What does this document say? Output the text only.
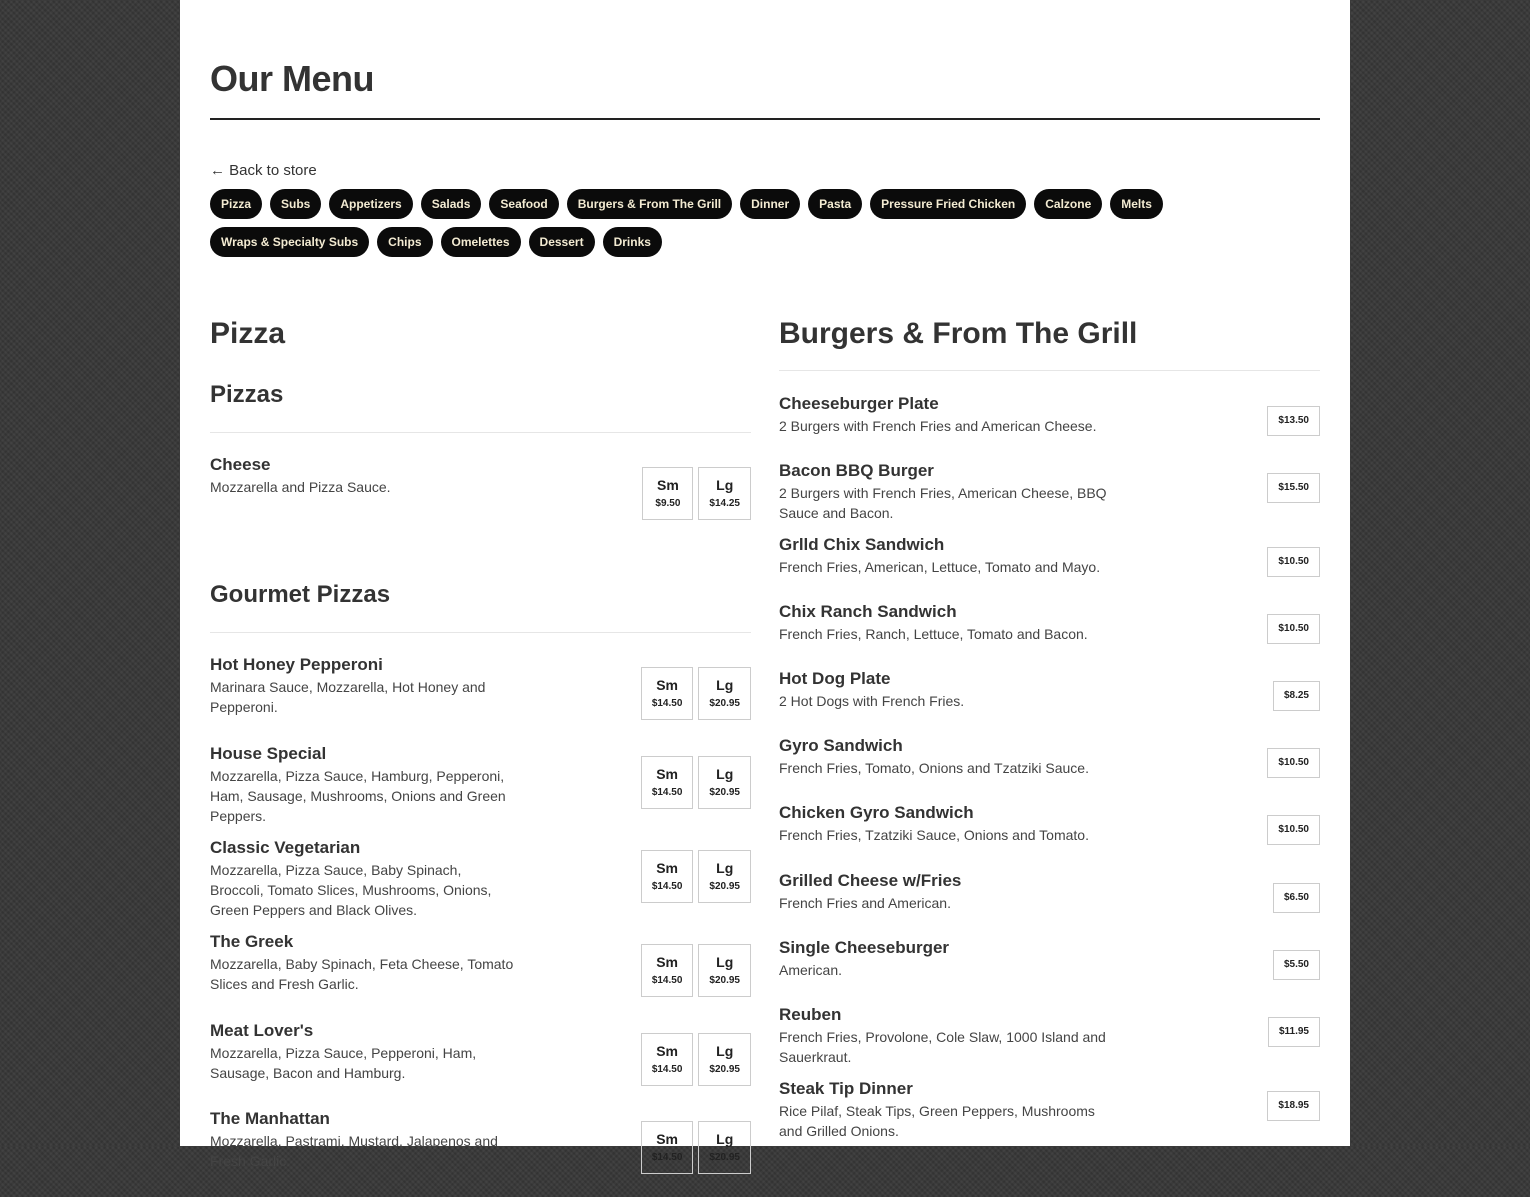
Our Menu
← Back to store
Pizza	Subs	Appetizers	Salads	Seafood	Burgers & From The Grill	Dinner	Pasta	Pressure Fried Chicken	Calzone	Melts
Wraps & Specialty Subs	Chips	Omelettes	Dessert	Drinks
Pizza
Pizzas
Cheese
Mozzarella and Pizza Sauce.	Sm
$9.50
Lg
$14.25
Gourmet Pizzas
Hot Honey Pepperoni
Marinara Sauce, Mozzarella, Hot Honey and Pepperoni.
Sm
$14.50
Lg
$20.95
House Special
Mozzarella, Pizza Sauce, Hamburg, Pepperoni, Ham, Sausage, Mushrooms, Onions and Green Peppers.
Sm
$14.50
Lg
$20.95
Classic Vegetarian
Mozzarella, Pizza Sauce, Baby Spinach, Broccoli, Tomato Slices, Mushrooms, Onions, Green Peppers and Black Olives.
Sm
$14.50
Lg
$20.95
The Greek
Mozzarella, Baby Spinach, Feta Cheese, Tomato Slices and Fresh Garlic.
Sm
$14.50
Lg
$20.95
Meat Lover's
Mozzarella, Pizza Sauce, Pepperoni, Ham, Sausage, Bacon and Hamburg.
Sm
$14.50
Lg
$20.95
The Manhattan
Mozzarella, Pastrami, Mustard, Jalapenos and Fresh Garlic.
Sm
$14.50
Lg
$20.95
Burgers & From The Grill
Cheeseburger Plate
2 Burgers with French Fries and American Cheese.	$13.50
Bacon BBQ Burger
2 Burgers with French Fries, American Cheese, BBQ Sauce and Bacon.
$15.50
Grlld Chix Sandwich
French Fries, American, Lettuce, Tomato and Mayo.	$10.50
Chix Ranch Sandwich
French Fries, Ranch, Lettuce, Tomato and Bacon.	$10.50
Hot Dog Plate
2 Hot Dogs with French Fries.	$8.25
Gyro Sandwich
French Fries, Tomato, Onions and Tzatziki Sauce.	$10.50
Chicken Gyro Sandwich
French Fries, Tzatziki Sauce, Onions and Tomato.	$10.50
Grilled Cheese w/Fries
French Fries and American.	$6.50
Single Cheeseburger
American.	$5.50
Reuben
French Fries, Provolone, Cole Slaw, 1000 Island and Sauerkraut.
$11.95
Steak Tip Dinner
Rice Pilaf, Steak Tips, Green Peppers, Mushrooms and Grilled Onions.
$18.95
